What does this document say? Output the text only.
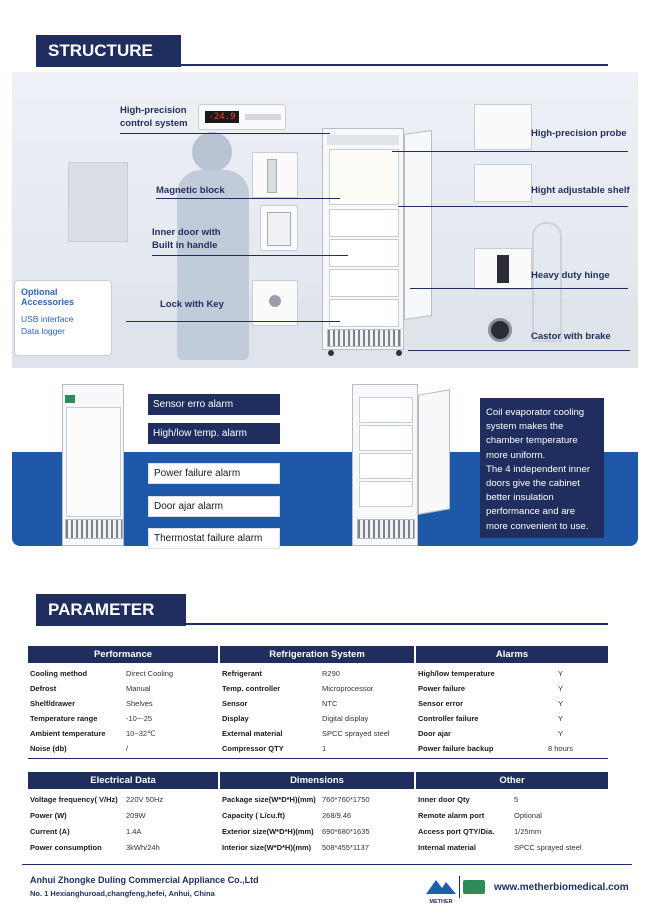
STRUCTURE
-24.9
High-precision
control system
Magnetic block
Inner door with
Built in handle
Lock with Key
High-precision probe
Hight adjustable shelf
Heavy duty hinge
Castor with brake
Optional Accessories
USB interface
Data logger
Sensor erro alarm
High/low temp. alarm
Power failure alarm
Door ajar alarm
Thermostat failure alarm
Coil evaporator cooling system makes the chamber temperature more uniform.
The 4 independent inner doors give the cabinet better insulation performance and are more convenient to use.
PARAMETER
Performance	Refrigeration System	Alarms
Cooling method	Direct Cooling
Defrost	Manual
Shelf/drawer	Shelves
Temperature range	-10~-25
Ambient temperature	10~32℃
Noise (db)	/
Refrigerant	R290
Temp. controller	Microprocessor
Sensor	NTC
Display	Digital display
External material	SPCC sprayed steel
Compressor QTY	1
High/low temperature	Y
Power failure	Y
Sensor error	Y
Controller failure	Y
Door ajar	Y
Power failure backup	8 hours
Electrical Data	Dimensions	Other
Voltage frequency( V/Hz) 220V 50Hz
Power (W)	209W
Current (A)	1.4A
Power consumption	3kWh/24h
Package size(W*D*H)(mm) 760*760*1750
Capacity ( L/cu.ft)	268/9.46
Exterior size(W*D*H)(mm) 690*680*1635
Interior size(W*D*H)(mm) 508*455*1137
Inner door Qty	5
Remote alarm port	Optional
Access port QTY/Dia.	1/25mm
Internal material	SPCC sprayed steel
Anhui Zhongke Duling Commercial Appliance Co.,Ltd
No. 1 Hexianghuroad,changfeng,hefei, Anhui, China
METHER
www.metherbiomedical.com
